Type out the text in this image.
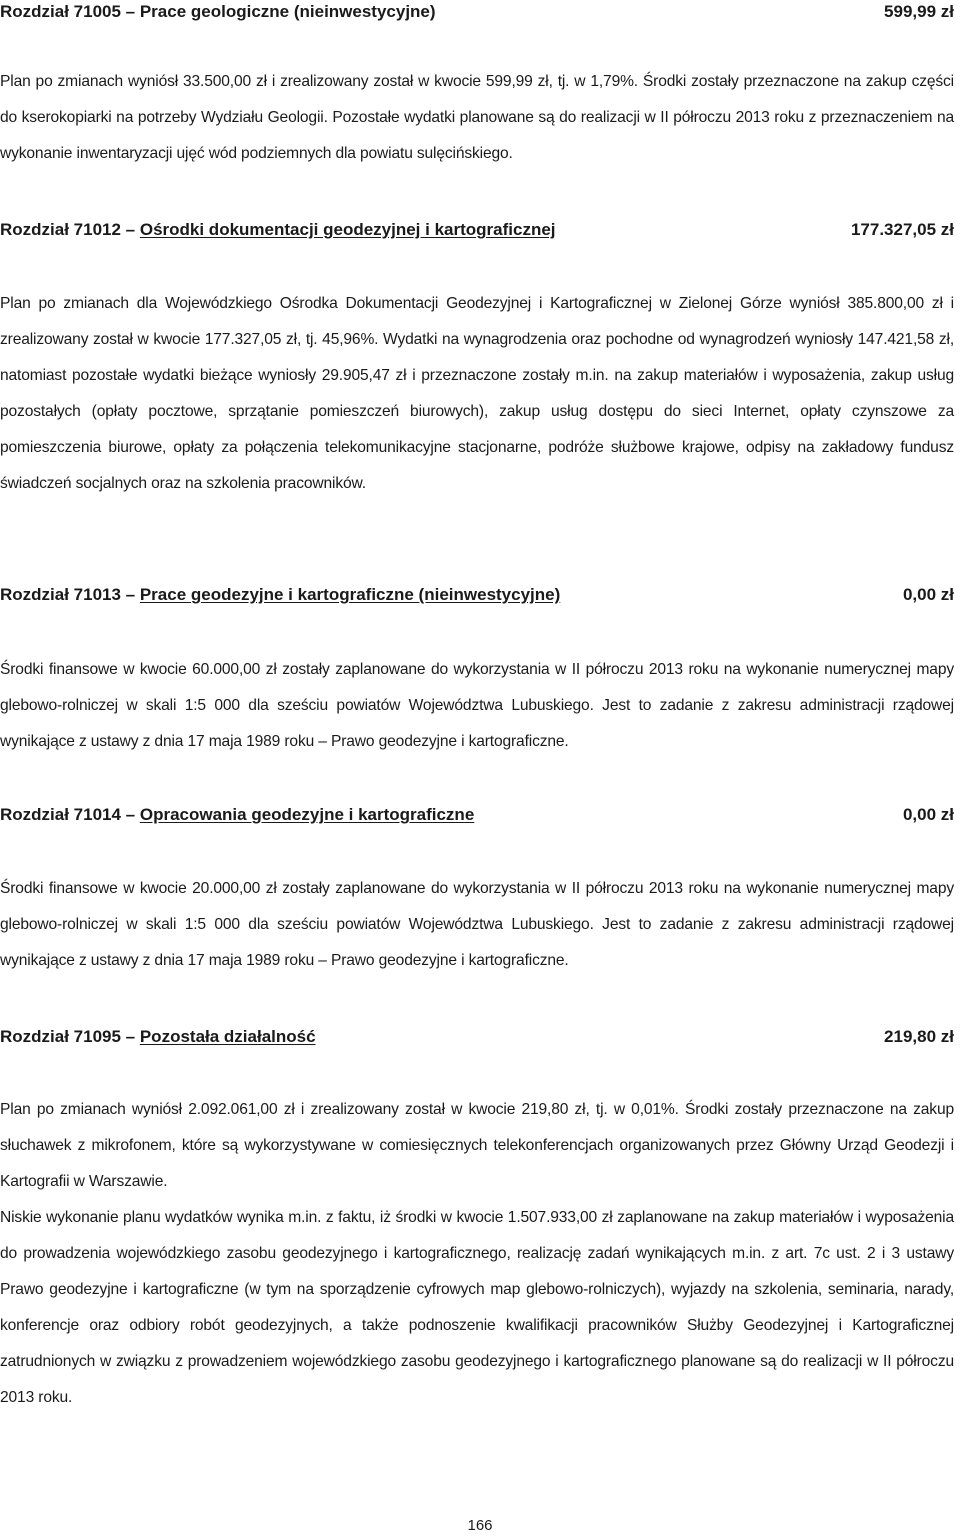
Rozdział 71005 – Prace geologiczne (nieinwestycyjne)	599,99 zł
Plan po zmianach wyniósł 33.500,00 zł i zrealizowany został w kwocie 599,99 zł, tj. w 1,79%. Środki zostały przeznaczone na zakup części do kserokopiarki na potrzeby Wydziału Geologii. Pozostałe wydatki planowane są do realizacji w II półroczu 2013 roku z przeznaczeniem na wykonanie inwentaryzacji ujęć wód podziemnych dla powiatu sulęcińskiego.
Rozdział 71012 – Ośrodki dokumentacji geodezyjnej i kartograficznej	177.327,05 zł
Plan po zmianach dla Wojewódzkiego Ośrodka Dokumentacji Geodezyjnej i Kartograficznej w Zielonej Górze wyniósł 385.800,00 zł i zrealizowany został w kwocie 177.327,05 zł, tj. 45,96%. Wydatki na wynagrodzenia oraz pochodne od wynagrodzeń wyniosły 147.421,58 zł, natomiast pozostałe wydatki bieżące wyniosły 29.905,47 zł i przeznaczone zostały m.in. na zakup materiałów i wyposażenia, zakup usług pozostałych (opłaty pocztowe, sprzątanie pomieszczeń biurowych), zakup usług dostępu do sieci Internet, opłaty czynszowe za pomieszczenia biurowe, opłaty za połączenia telekomunikacyjne stacjonarne, podróże służbowe krajowe, odpisy na zakładowy fundusz świadczeń socjalnych oraz na szkolenia pracowników.
Rozdział 71013 – Prace geodezyjne i kartograficzne (nieinwestycyjne)	0,00 zł
Środki finansowe w kwocie 60.000,00 zł zostały zaplanowane do wykorzystania w II półroczu 2013 roku na wykonanie numerycznej mapy glebowo-rolniczej w skali 1:5 000 dla sześciu powiatów Województwa Lubuskiego. Jest to zadanie z zakresu administracji rządowej wynikające z ustawy z dnia 17 maja 1989 roku – Prawo geodezyjne i kartograficzne.
Rozdział 71014 – Opracowania geodezyjne i kartograficzne	0,00 zł
Środki finansowe w kwocie 20.000,00 zł zostały zaplanowane do wykorzystania w II półroczu 2013 roku na wykonanie numerycznej mapy glebowo-rolniczej w skali 1:5 000 dla sześciu powiatów Województwa Lubuskiego. Jest to zadanie z zakresu administracji rządowej wynikające z ustawy z dnia 17 maja 1989 roku – Prawo geodezyjne i kartograficzne.
Rozdział 71095 – Pozostała działalność	219,80 zł
Plan po zmianach wyniósł 2.092.061,00 zł i zrealizowany został w kwocie 219,80 zł, tj. w 0,01%. Środki zostały przeznaczone na zakup słuchawek z mikrofonem, które są wykorzystywane w comiesięcznych telekonferencjach organizowanych przez Główny Urząd Geodezji i Kartografii w Warszawie.
Niskie wykonanie planu wydatków wynika m.in. z faktu, iż środki w kwocie 1.507.933,00 zł zaplanowane na zakup materiałów i wyposażenia do prowadzenia wojewódzkiego zasobu geodezyjnego i kartograficznego, realizację zadań wynikających m.in. z art. 7c ust. 2 i 3 ustawy Prawo geodezyjne i kartograficzne (w tym na sporządzenie cyfrowych map glebowo-rolniczych), wyjazdy na szkolenia, seminaria, narady, konferencje oraz odbiory robót geodezyjnych, a także podnoszenie kwalifikacji pracowników Służby Geodezyjnej i Kartograficznej zatrudnionych w związku z prowadzeniem wojewódzkiego zasobu geodezyjnego i kartograficznego planowane są do realizacji w II półroczu 2013 roku.
166
